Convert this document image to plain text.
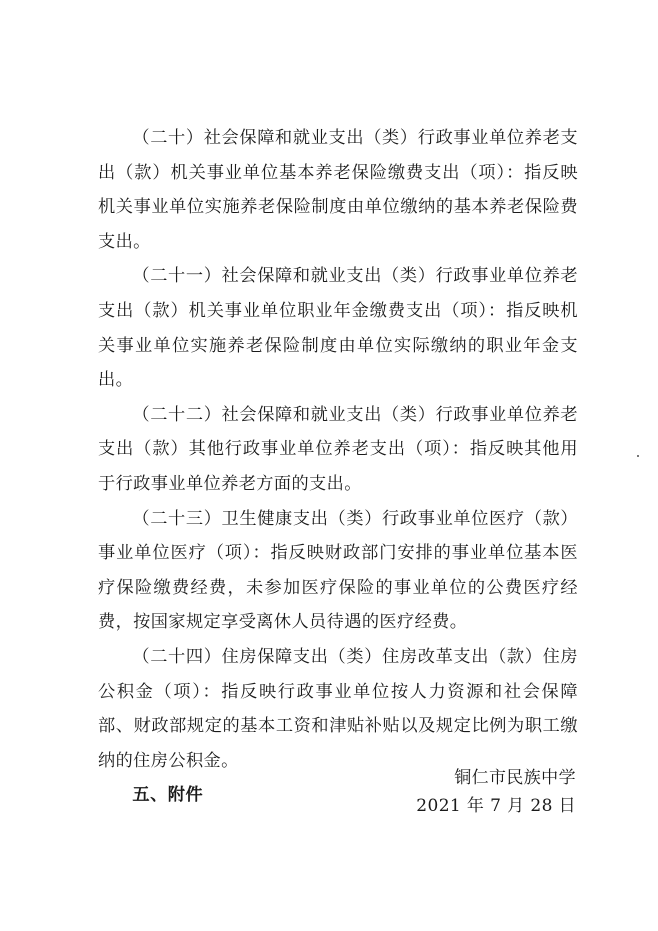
（二十）社会保障和就业支出（类）行政事业单位养老支出（款）机关事业单位基本养老保险缴费支出（项）：指反映机关事业单位实施养老保险制度由单位缴纳的基本养老保险费支出。

（二十一）社会保障和就业支出（类）行政事业单位养老支出（款）机关事业单位职业年金缴费支出（项）：指反映机关事业单位实施养老保险制度由单位实际缴纳的职业年金支出。

（二十二）社会保障和就业支出（类）行政事业单位养老支出（款）其他行政事业单位养老支出（项）：指反映其他用于行政事业单位养老方面的支出。

（二十三）卫生健康支出（类）行政事业单位医疗（款）事业单位医疗（项）：指反映财政部门安排的事业单位基本医疗保险缴费经费，未参加医疗保险的事业单位的公费医疗经费，按国家规定享受离休人员待遇的医疗经费。

（二十四）住房保障支出（类）住房改革支出（款）住房公积金（项）：指反映行政事业单位按人力资源和社会保障部、财政部规定的基本工资和津贴补贴以及规定比例为职工缴纳的住房公积金。

五、附件

铜仁市民族中学
2021 年 7 月 28 日
